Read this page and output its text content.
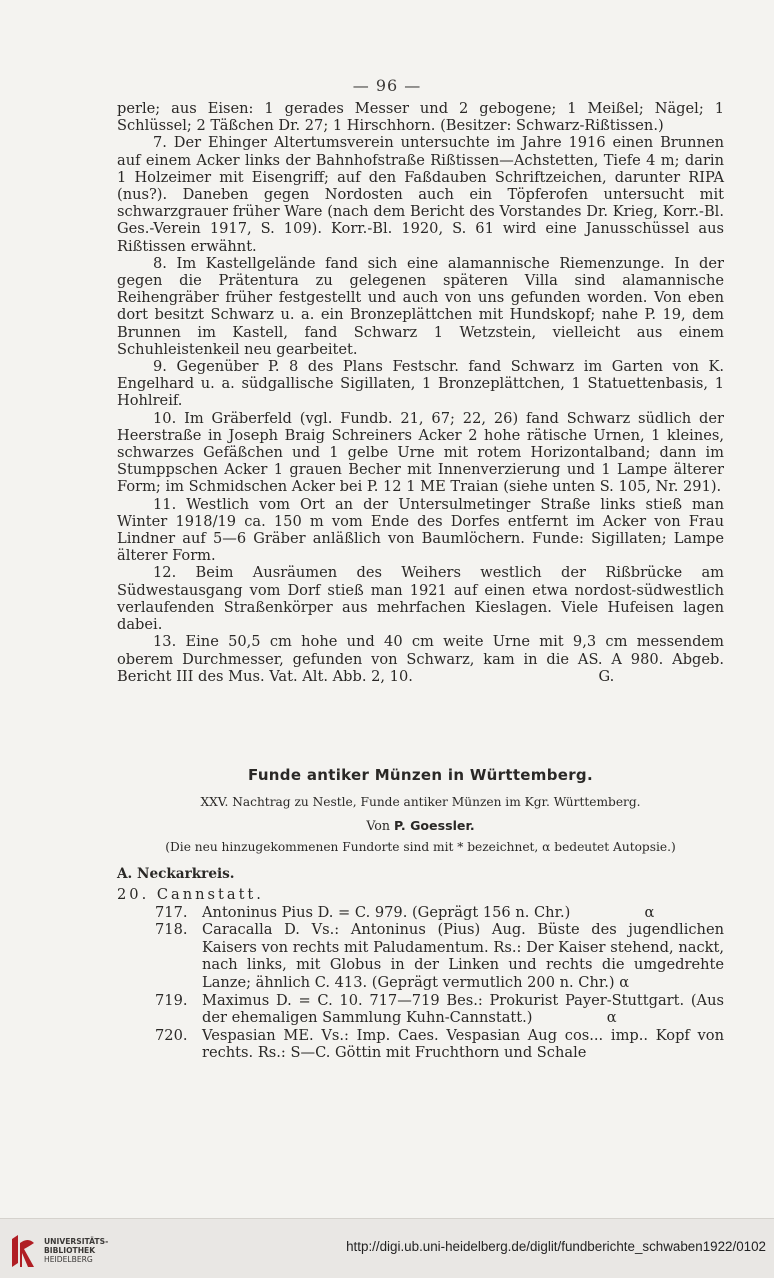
— 96 —

perle; aus Eisen: 1 gerades Messer und 2 gebogene; 1 Meißel; Nägel; 1 Schlüssel; 2 Täßchen Dr. 27; 1 Hirschhorn. (Besitzer: Schwarz-Rißtissen.)

7. Der Ehinger Altertumsverein untersuchte im Jahre 1916 einen Brunnen auf einem Acker links der Bahnhofstraße Rißtissen—Achstetten, Tiefe 4 m; darin 1 Holzeimer mit Eisengriff; auf den Faßdauben Schriftzeichen, darunter RIPA (nus?). Daneben gegen Nordosten auch ein Töpferofen untersucht mit schwarzgrauer früher Ware (nach dem Bericht des Vorstandes Dr. Krieg, Korr.-Bl. Ges.-Verein 1917, S. 109). Korr.-Bl. 1920, S. 61 wird eine Janusschüssel aus Rißtissen erwähnt.

8. Im Kastellgelände fand sich eine alamannische Riemenzunge. In der gegen die Prätentura zu gelegenen späteren Villa sind alamannische Reihengräber früher festgestellt und auch von uns gefunden worden. Von eben dort besitzt Schwarz u. a. ein Bronzeplättchen mit Hundskopf; nahe P. 19, dem Brunnen im Kastell, fand Schwarz 1 Wetzstein, vielleicht aus einem Schuhleistenkeil neu gearbeitet.

9. Gegenüber P. 8 des Plans Festschr. fand Schwarz im Garten von K. Engelhard u. a. südgallische Sigillaten, 1 Bronzeplättchen, 1 Statuettenbasis, 1 Hohlreif.

10. Im Gräberfeld (vgl. Fundb. 21, 67; 22, 26) fand Schwarz südlich der Heerstraße in Joseph Braig Schreiners Acker 2 hohe rätische Urnen, 1 kleines, schwarzes Gefäßchen und 1 gelbe Urne mit rotem Horizontalband; dann im Stumppschen Acker 1 grauen Becher mit Innenverzierung und 1 Lampe älterer Form; im Schmidschen Acker bei P. 12 1 ME Traian (siehe unten S. 105, Nr. 291).

11. Westlich vom Ort an der Untersulmetinger Straße links stieß man Winter 1918/19 ca. 150 m vom Ende des Dorfes entfernt im Acker von Frau Lindner auf 5—6 Gräber anläßlich von Baumlöchern. Funde: Sigillaten; Lampe älterer Form.

12. Beim Ausräumen des Weihers westlich der Rißbrücke am Südwestausgang vom Dorf stieß man 1921 auf einen etwa nordost-südwestlich verlaufenden Straßenkörper aus mehrfachen Kieslagen. Viele Hufeisen lagen dabei.

13. Eine 50,5 cm hohe und 40 cm weite Urne mit 9,3 cm messendem oberem Durchmesser, gefunden von Schwarz, kam in die AS. A 980. Abgeb. Bericht III des Mus. Vat. Alt. Abb. 2, 10.                                        G.

Funde antiker Münzen in Württemberg.
XXV. Nachtrag zu Nestle, Funde antiker Münzen im Kgr. Württemberg.
Von P. Goessler.
(Die neu hinzugekommenen Fundorte sind mit * bezeichnet, α bedeutet Autopsie.)
A. Neckarkreis.

20. Cannstatt.

717. Antoninus Pius D. = C. 979. (Geprägt 156 n. Chr.)                α
718. Caracalla D. Vs.: Antoninus (Pius) Aug. Büste des jugendlichen Kaisers von rechts mit Paludamentum. Rs.: Der Kaiser stehend, nackt, nach links, mit Globus in der Linken und rechts die umgedrehte Lanze; ähnlich C. 413. (Geprägt vermutlich 200 n. Chr.) α
719. Maximus D. = C. 10. 717—719 Bes.: Prokurist Payer-Stuttgart. (Aus der ehemaligen Sammlung Kuhn-Cannstatt.)                α
720. Vespasian ME. Vs.: Imp. Caes. Vespasian Aug cos... imp.. Kopf von rechts. Rs.: S—C. Göttin mit Fruchthorn und Schale
UNIVERSITÄTS-
BIBLIOTHEK
HEIDELBERG
http://digi.ub.uni-heidelberg.de/diglit/fundberichte_schwaben1922/0102
